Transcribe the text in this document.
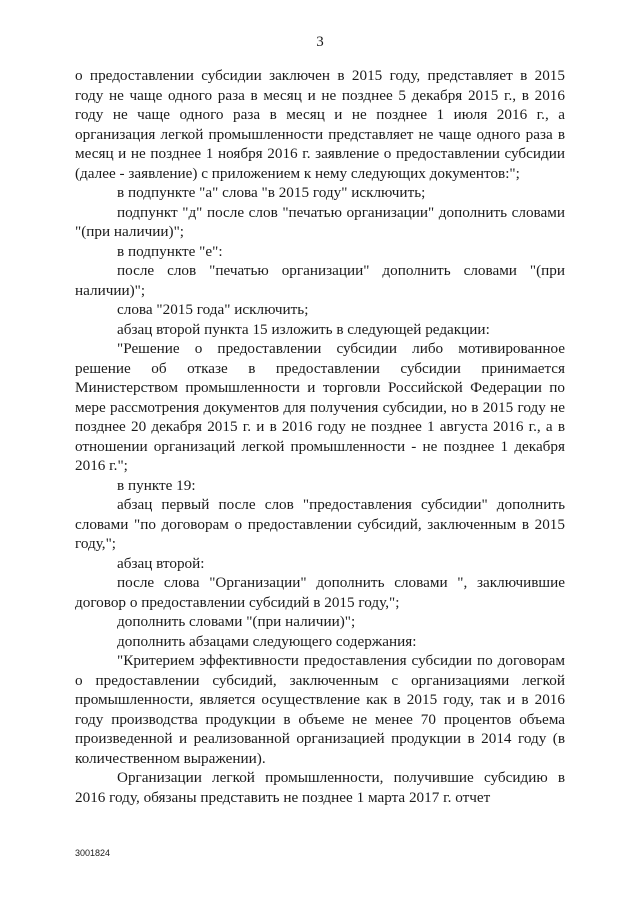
3

о предоставлении субсидии заключен в 2015 году, представляет в 2015 году не чаще одного раза в месяц и не позднее 5 декабря 2015 г., в 2016 году не чаще одного раза в месяц и не позднее 1 июля 2016 г., а организация легкой промышленности представляет не чаще одного раза в месяц и не позднее 1 ноября 2016 г. заявление о предоставлении субсидии (далее - заявление) с приложением к нему следующих документов:";

в подпункте "а" слова "в 2015 году" исключить;

подпункт "д" после слов "печатью организации" дополнить словами "(при наличии)";

в подпункте "е":

после слов "печатью организации" дополнить словами "(при наличии)";

слова "2015 года" исключить;

абзац второй пункта 15 изложить в следующей редакции:

"Решение о предоставлении субсидии либо мотивированное решение об отказе в предоставлении субсидии принимается Министерством промышленности и торговли Российской Федерации по мере рассмотрения документов для получения субсидии, но в 2015 году не позднее 20 декабря 2015 г. и в 2016 году не позднее 1 августа 2016 г., а в отношении организаций легкой промышленности - не позднее 1 декабря 2016 г.";

в пункте 19:

абзац первый после слов "предоставления субсидии" дополнить словами "по договорам о предоставлении субсидий, заключенным в 2015 году,";

абзац второй:

после слова "Организации" дополнить словами ", заключившие договор о предоставлении субсидий в 2015 году,";

дополнить словами "(при наличии)";

дополнить абзацами следующего содержания:

"Критерием эффективности предоставления субсидии по договорам о предоставлении субсидий, заключенным с организациями легкой промышленности, является осуществление как в 2015 году, так и в 2016 году производства продукции в объеме не менее 70 процентов объема произведенной и реализованной организацией продукции в 2014 году (в количественном выражении).

Организации легкой промышленности, получившие субсидию в 2016 году, обязаны представить не позднее 1 марта 2017 г. отчет

3001824
